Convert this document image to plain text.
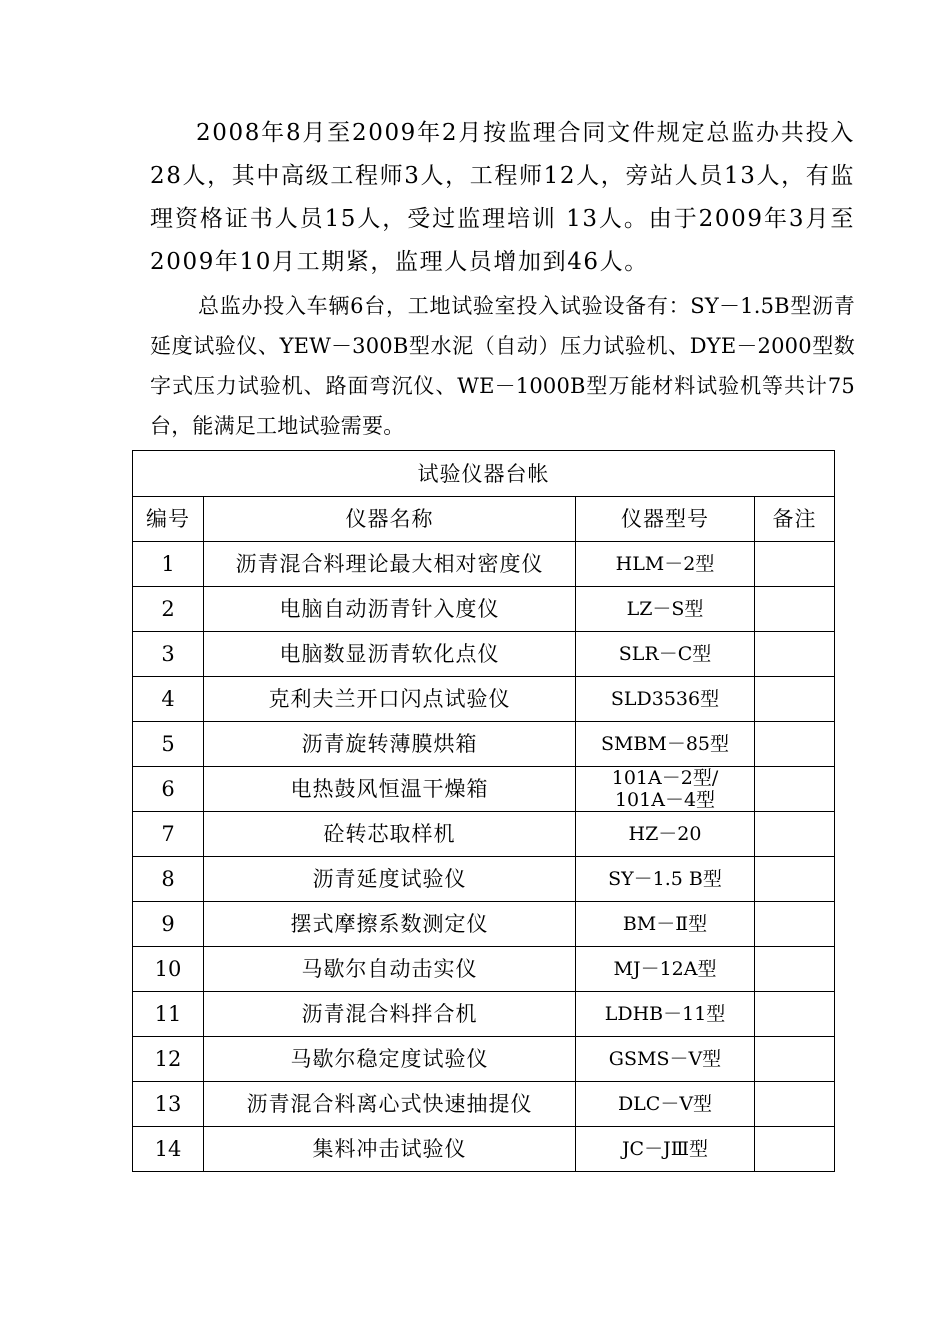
2008年8月至2009年2月按监理合同文件规定总监办共投入28人，其中高级工程师3人，工程师12人，旁站人员13人，有监理资格证书人员15人，受过监理培训 13人。由于2009年3月至2009年10月工期紧，监理人员增加到46人。

总监办投入车辆6台，工地试验室投入试验设备有：SY－1.5B型沥青延度试验仪、YEW－300B型水泥（自动）压力试验机、DYE－2000型数字式压力试验机、路面弯沉仪、WE－1000B型万能材料试验机等共计75台，能满足工地试验需要。

试验仪器台帐			
编号	仪器名称	仪器型号	备注
1	沥青混合料理论最大相对密度仪	HLM－2型	
2	电脑自动沥青针入度仪	LZ－S型	
3	电脑数显沥青软化点仪	SLR－C型	
4	克利夫兰开口闪点试验仪	SLD3536型	
5	沥青旋转薄膜烘箱	SMBM－85型	
6	电热鼓风恒温干燥箱	101A－2型/
101A－4型	

7	砼转芯取样机	HZ－20	
8	沥青延度试验仪	SY－1.5 B型	
9	摆式摩擦系数测定仪	BM－Ⅱ型	
10	马歇尔自动击实仪	MJ－12A型	
11	沥青混合料拌合机	LDHB－11型	
12	马歇尔稳定度试验仪	GSMS－V型	
13	沥青混合料离心式快速抽提仪	DLC－V型	
14	集料冲击试验仪	JC－JⅢ型	
